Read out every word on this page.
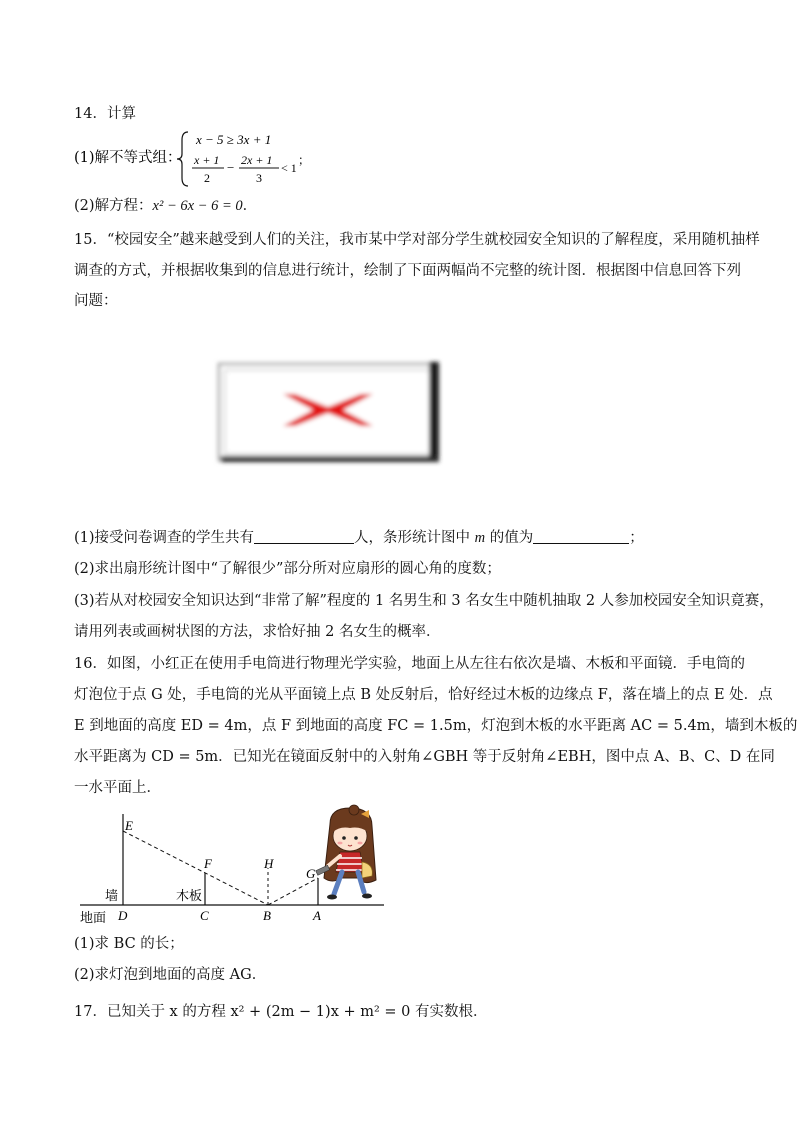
14．计算
(1)解不等式组：
x − 5 ≥ 3x + 1
x + 1
2
− 2x + 1
3
< 1
；
(2)解方程：x² − 6x − 6 = 0．
15．“校园安全”越来越受到人们的关注，我市某中学对部分学生就校园安全知识的了解程度，采用随机抽样
调查的方式，并根据收集到的信息进行统计，绘制了下面两幅尚不完整的统计图．根据图中信息回答下列
问题：
(1)接受问卷调查的学生共有	人，条形统计图中 m 的值为	；
(2)求出扇形统计图中“了解很少”部分所对应扇形的圆心角的度数；
(3)若从对校园安全知识达到“非常了解”程度的 1 名男生和 3 名女生中随机抽取 2 人参加校园安全知识竟赛，
请用列表或画树状图的方法，求恰好抽 2 名女生的概率．
16．如图，小红正在使用手电筒进行物理光学实验，地面上从左往右依次是墙、木板和平面镜．手电筒的
灯泡位于点 G 处，手电筒的光从平面镜上点 B 处反射后，恰好经过木板的边缘点 F，落在墙上的点 E 处．点
E 到地面的高度 ED = 4m，点 F 到地面的高度 FC = 1.5m，灯泡到木板的水平距离 AC = 5.4m，墙到木板的
水平距离为 CD = 5m．已知光在镜面反射中的入射角∠GBH 等于反射角∠EBH，图中点 A、B、C、D 在同
一水平面上．
E
F	H
G
D	C	B	A
墙	木板
地面
(1)求 BC 的长；
(2)求灯泡到地面的高度 AG．
17．已知关于 x 的方程 x² + (2m − 1)x + m² = 0 有实数根．
